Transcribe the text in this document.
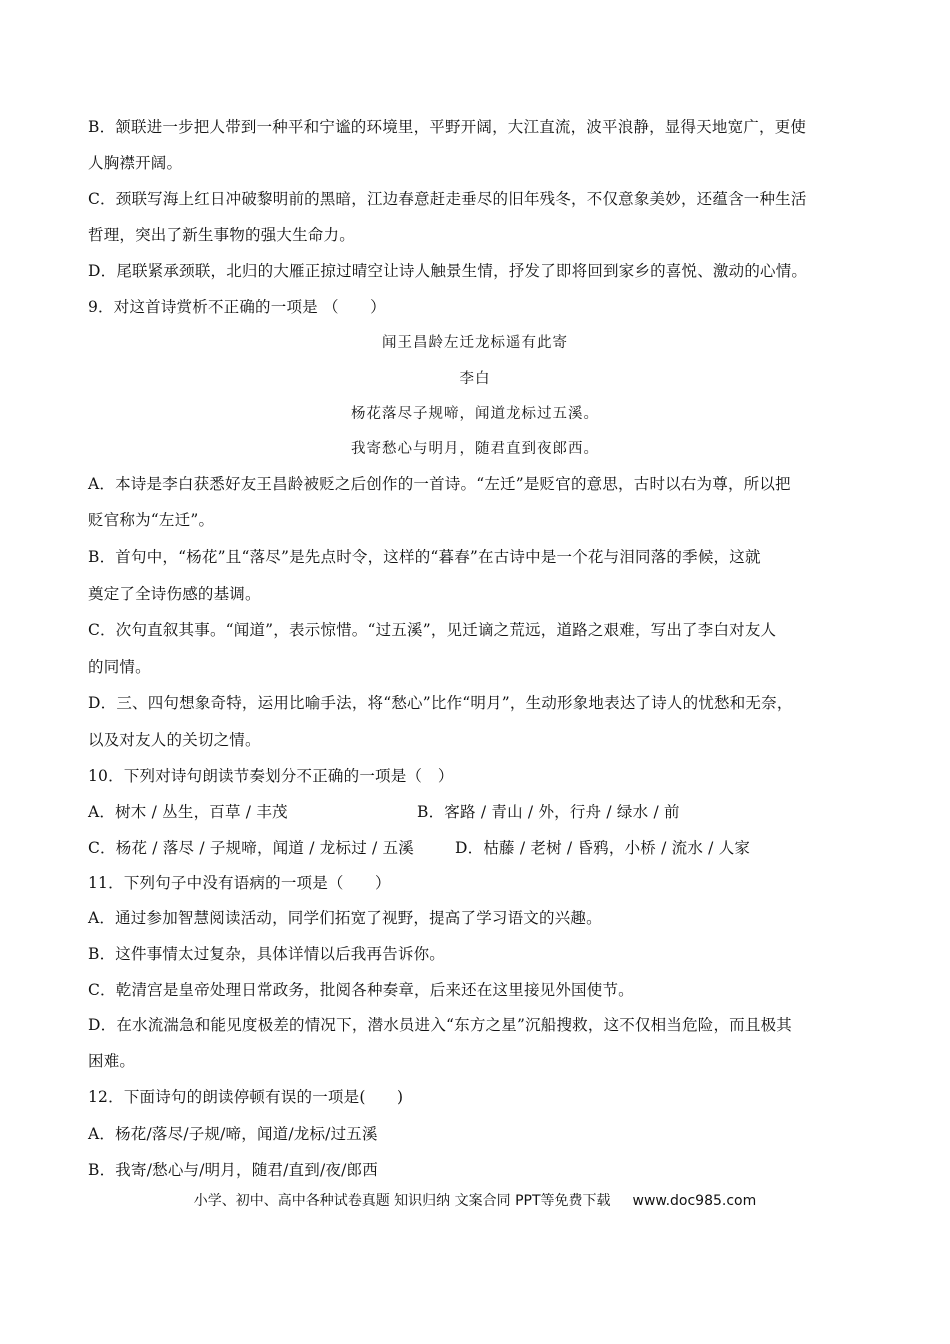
B．颔联进一步把人带到一种平和宁谧的环境里，平野开阔，大江直流，波平浪静，显得天地宽广，更使
人胸襟开阔。
C．颈联写海上红日冲破黎明前的黑暗，江边春意赶走垂尽的旧年残冬，不仅意象美妙，还蕴含一种生活
哲理，突出了新生事物的强大生命力。
D．尾联紧承颈联，北归的大雁正掠过晴空让诗人触景生情，抒发了即将回到家乡的喜悦、激动的心情。
9．对这首诗赏析不正确的一项是 （　　）
闻王昌龄左迁龙标遥有此寄
李白
杨花落尽子规啼，闻道龙标过五溪。
我寄愁心与明月，随君直到夜郎西。
A．本诗是李白获悉好友王昌龄被贬之后创作的一首诗。“左迁”是贬官的意思，古时以右为尊，所以把
贬官称为“左迁”。
B．首句中，“杨花”且“落尽”是先点时令，这样的“暮春”在古诗中是一个花与泪同落的季候，这就
奠定了全诗伤感的基调。
C．次句直叙其事。“闻道”，表示惊惜。“过五溪”，见迁谪之荒远，道路之艰难，写出了李白对友人
的同情。
D．三、四句想象奇特，运用比喻手法，将“愁心”比作“明月”，生动形象地表达了诗人的忧愁和无奈，
以及对友人的关切之情。
10．下列对诗句朗读节奏划分不正确的一项是（　）
A．树木 / 丛生，百草 / 丰茂	B．客路 / 青山 / 外，行舟 / 绿水 / 前
C．杨花 / 落尽 / 子规啼，闻道 / 龙标过 / 五溪	D．枯藤 / 老树 / 昏鸦，小桥 / 流水 / 人家
11．下列句子中没有语病的一项是（　　）
A．通过参加智慧阅读活动，同学们拓宽了视野，提高了学习语文的兴趣。
B．这件事情太过复杂，具体详情以后我再告诉你。
C．乾清宫是皇帝处理日常政务，批阅各种奏章，后来还在这里接见外国使节。
D．在水流湍急和能见度极差的情况下，潜水员进入“东方之星”沉船搜救，这不仅相当危险，而且极其
困难。
12．下面诗句的朗读停顿有误的一项是(　　)
A．杨花/落尽/子规/啼，闻道/龙标/过五溪
B．我寄/愁心与/明月，随君/直到/夜/郎西
小学、初中、高中各种试卷真题 知识归纳 文案合同 PPT等免费下载 www.doc985.com
